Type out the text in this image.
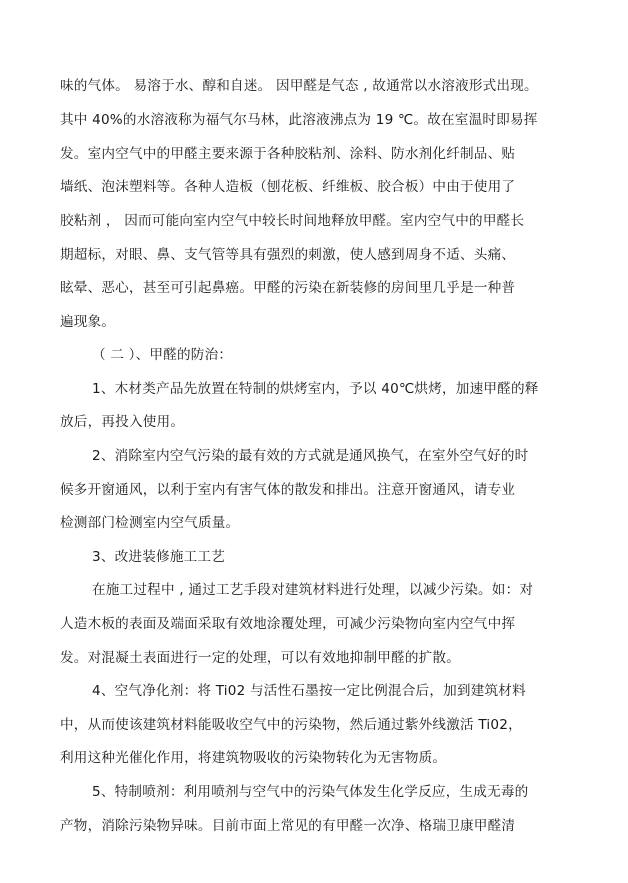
味的气体。 易溶于水、醇和自迷。 因甲醛是气态 , 故通常以水溶液形式出现。
其中 40%的水溶液称为福气尔马林，此溶液沸点为 19 ℃。故在室温时即易挥
发。室内空气中的甲醛主要来源于各种胶粘剂、涂料、防水剂化纤制品、贴
墙纸、泡沫塑料等。各种人造板（刨花板、纤维板、胶合板）中由于使用了
胶粘剂 ， 因而可能向室内空气中较长时间地释放甲醛。室内空气中的甲醛长
期超标，对眼、鼻、支气管等具有强烈的刺激，使人感到周身不适、头痛、
眩晕、恶心，甚至可引起鼻癌。甲醛的污染在新装修的房间里几乎是一种普
遍现象。
（ 二 ）、甲醛的防治：
1、木材类产品先放置在特制的烘烤室内，予以 40℃烘烤，加速甲醛的释
放后，再投入使用。
2、消除室内空气污染的最有效的方式就是通风换气，在室外空气好的时
候多开窗通风，以利于室内有害气体的散发和排出。注意开窗通风，请专业
检测部门检测室内空气质量。
3、改进装修施工工艺
在施工过程中 , 通过工艺手段对建筑材料进行处理，以减少污染。如：对
人造木板的表面及端面采取有效地涂覆处理，可减少污染物向室内空气中挥
发。对混凝土表面进行一定的处理，可以有效地抑制甲醛的扩散。
4、空气净化剂：将 Ti02 与活性石墨按一定比例混合后，加到建筑材料
中，从而使该建筑材料能吸收空气中的污染物，然后通过紫外线激活 Ti02，
利用这种光催化作用，将建筑物吸收的污染物转化为无害物质。
5、特制喷剂：利用喷剂与空气中的污染气体发生化学反应，生成无毒的
产物，消除污染物异味。目前市面上常见的有甲醛一次净、格瑞卫康甲醛清
